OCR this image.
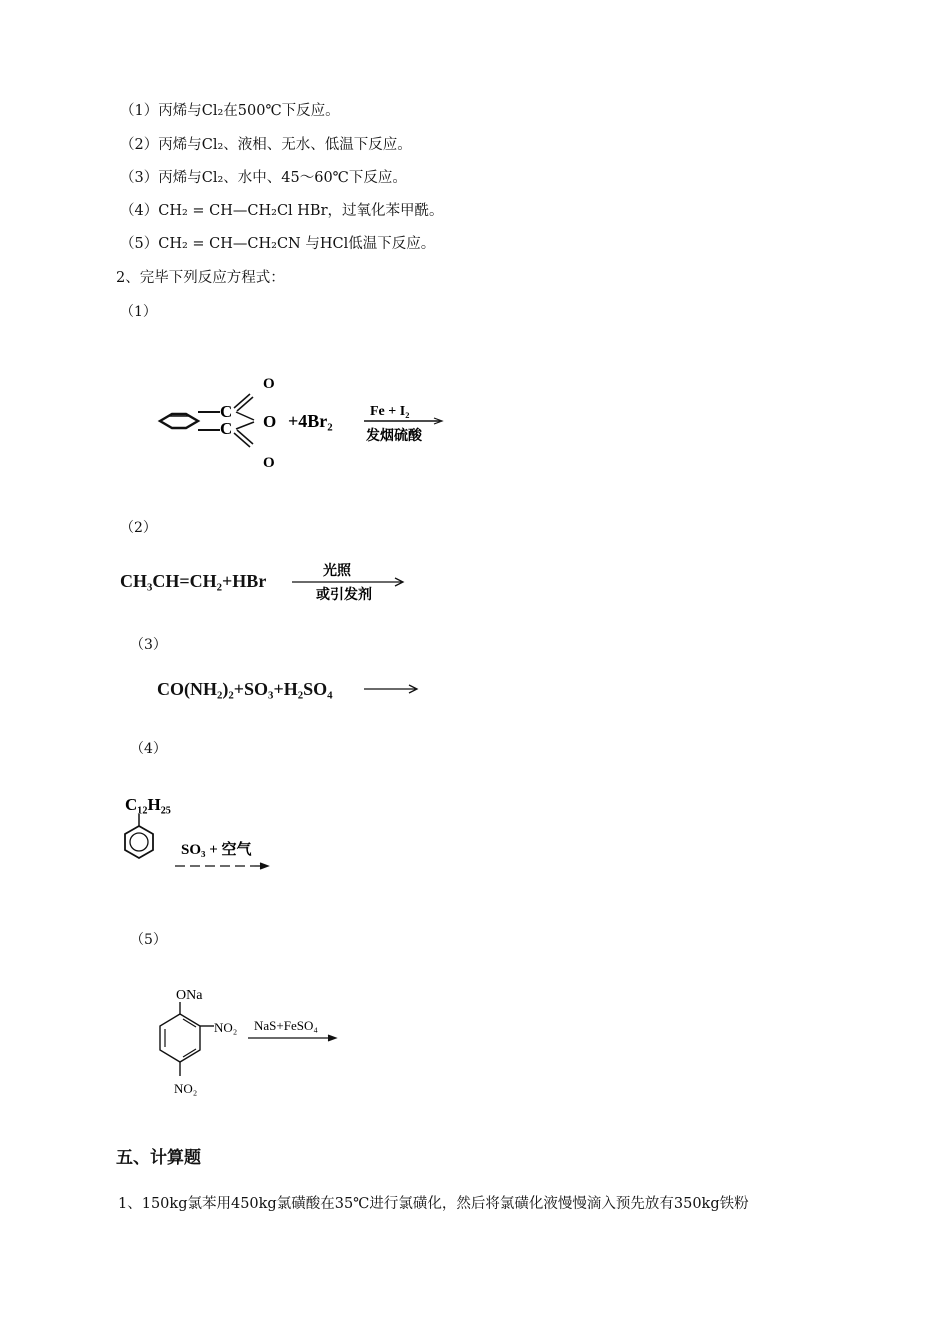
（1）丙烯与Cl₂在500℃下反应。
（2）丙烯与Cl₂、液相、无水、低温下反应。
（3）丙烯与Cl₂、水中、45～60℃下反应。
（4）CH₂ = CH—CH₂Cl HBr，过氧化苯甲酰。
（5）CH₂ = CH—CH₂CN 与HCl低温下反应。
2、完毕下列反应方程式：
（1）
C
C
O
O
O
+4Br₂	Fe + I₂
发烟硫酸
（2）
CH₃CH=CH₂+HBr	光照
或引发剂
（3）
CO(NH₂)₂+SO₃+H₂SO₄
（4）
C₁₂H₂₅
SO₃ + 空气
（5）
ONa
NO₂
NO₂
NaS+FeSO₄
五、计算题
1、150kg氯苯用450kg氯磺酸在35℃进行氯磺化，然后将氯磺化液慢慢滴入预先放有350kg铁粉
